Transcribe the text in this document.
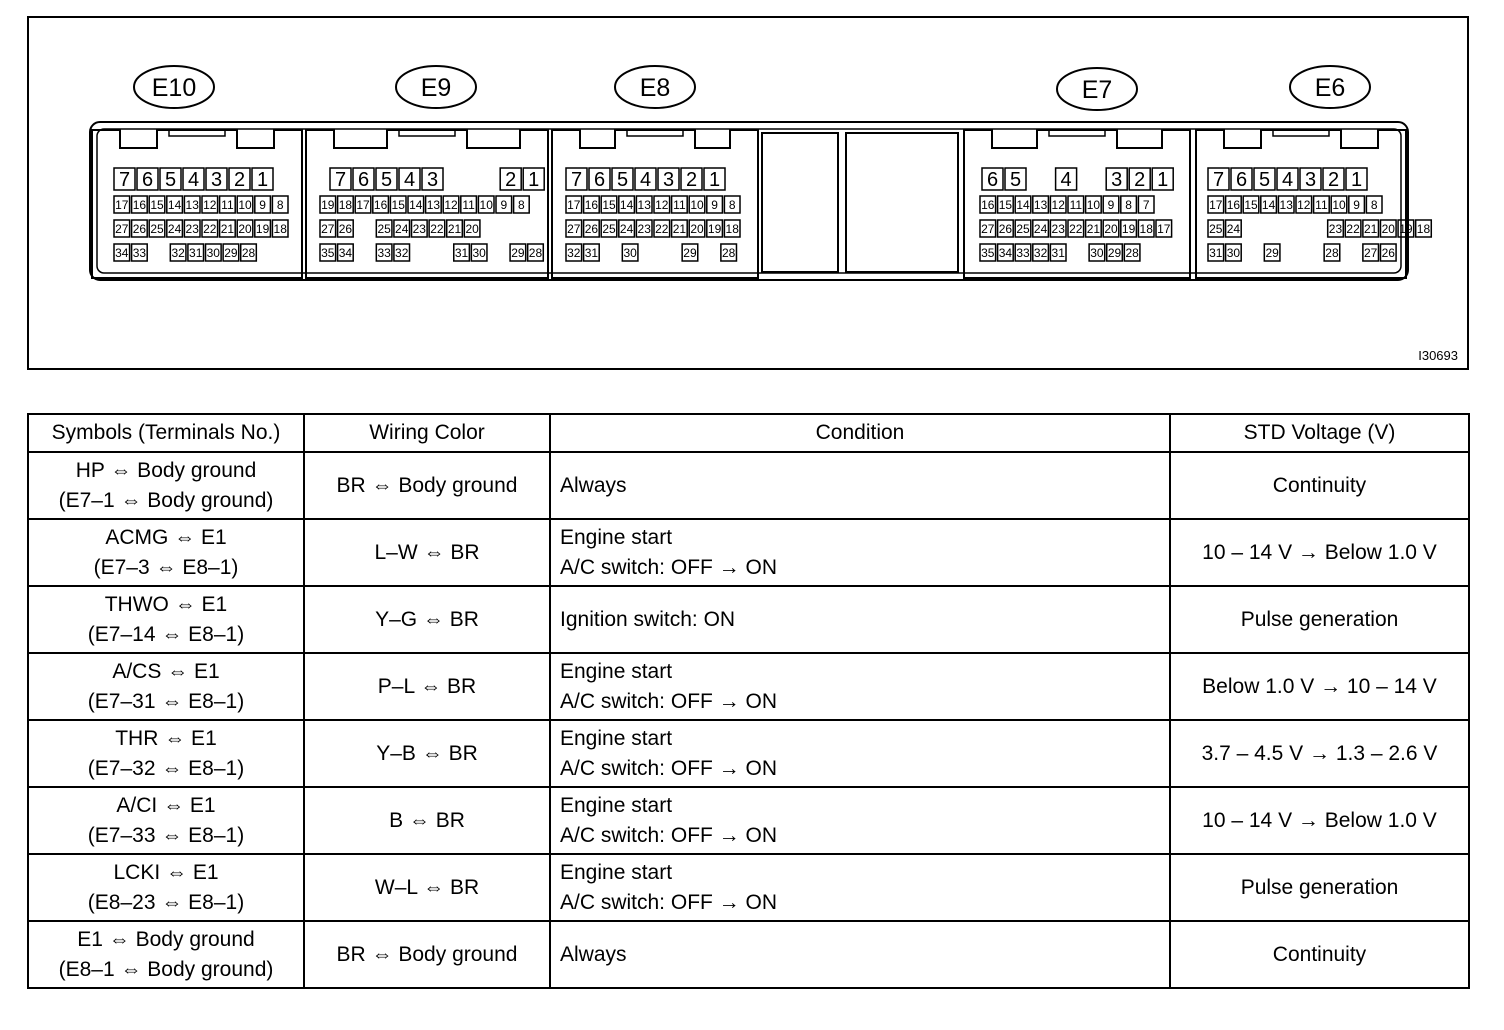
E10
7 6 5 4 3 2 1
17 16 15 14 13 12 11 10 9 8
27 26 25 24 23 22 21 20 19 18
34 33 32 31 30 29 28
E9
7 6 5 4 3	2 1
19 18 17 16 15 14 13 12 11 10 9 8
27 26 25 24 23 22 21 20
35 34 33 32	31 30 29 28
E8
7 6 5 4 3 2 1
17 16 15 14 13 12 11 10 9 8
27 26 25 24 23 22 21 20 19 18
32 31 30	29 28
E7
6 5 4 3 2 1
16 15 14 13 12 11 10 9 8 7
27 26 25 24 23 22 21 20 19 18 17
35 34 33 32 31 30 29 28
E6
7 6 5 4 3 2 1
17 16 15 14 13 12 11 10 9 8
25 24	23 22 21 20 19 18
31 30 29	28 27 26
I30693
Symbols (Terminals No.)	Wiring Color	Condition	STD Voltage (V)

HP ⇔ Body ground
(E7–1 ⇔ Body ground)	BR ⇔ Body ground	Always	Continuity

ACMG ⇔ E1
(E7–3 ⇔ E8–1)	L–W ⇔ BR	Engine start
A/C switch: OFF → ON	10 – 14 V → Below 1.0 V

THWO ⇔ E1
(E7–14 ⇔ E8–1)	Y–G ⇔ BR	Ignition switch: ON	Pulse generation

A/CS ⇔ E1
(E7–31 ⇔ E8–1)	P–L ⇔ BR	Engine start
A/C switch: OFF → ON	Below 1.0 V → 10 – 14 V

THR ⇔ E1
(E7–32 ⇔ E8–1)	Y–B ⇔ BR	Engine start
A/C switch: OFF → ON	3.7 – 4.5 V → 1.3 – 2.6 V

A/CI ⇔ E1
(E7–33 ⇔ E8–1)	B ⇔ BR	Engine start
A/C switch: OFF → ON	10 – 14 V → Below 1.0 V

LCKI ⇔ E1
(E8–23 ⇔ E8–1)	W–L ⇔ BR	Engine start
A/C switch: OFF → ON	Pulse generation

E1 ⇔ Body ground
(E8–1 ⇔ Body ground)	BR ⇔ Body ground	Always	Continuity
